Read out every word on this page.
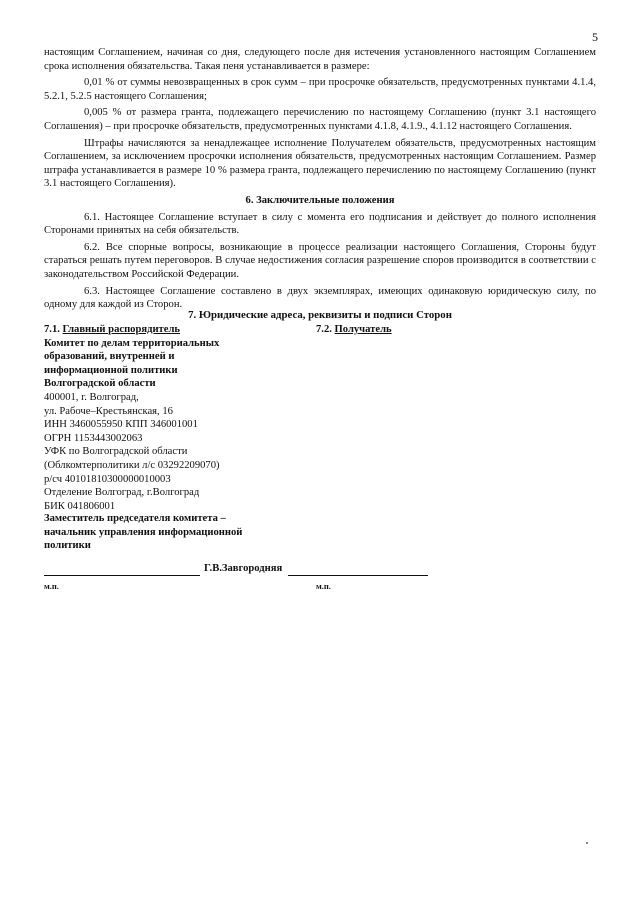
5

настоящим Соглашением, начиная со дня, следующего после дня истечения установленного настоящим Соглашением срока исполнения обязательства. Такая пеня устанавливается в размере:

0,01 % от суммы невозвращенных в срок сумм – при просрочке обязательств, предусмотренных пунктами 4.1.4, 5.2.1, 5.2.5 настоящего Соглашения;

0,005 % от размера гранта, подлежащего перечислению по настоящему Соглашению (пункт 3.1 настоящего Соглашения) – при просрочке обязательств, предусмотренных пунктами 4.1.8, 4.1.9., 4.1.12 настоящего Соглашения.

Штрафы начисляются за ненадлежащее исполнение Получателем обязательств, предусмотренных настоящим Соглашением, за исключением просрочки исполнения обязательств, предусмотренных настоящим Соглашением. Размер штрафа устанавливается в размере 10 % размера гранта, подлежащего перечислению по настоящему Соглашению (пункт 3.1 настоящего Соглашения).

6. Заключительные положения

6.1. Настоящее Соглашение вступает в силу с момента его подписания и действует до полного исполнения Сторонами принятых на себя обязательств.

6.2. Все спорные вопросы, возникающие в процессе реализации настоящего Соглашения, Стороны будут стараться решать путем переговоров. В случае недостижения согласия разрешение споров производится в соответствии с законодательством Российской Федерации.

6.3. Настоящее Соглашение составлено в двух экземплярах, имеющих одинаковую юридическую силу, по одному для каждой из Сторон.

7. Юридические адреса, реквизиты и подписи Сторон
7.1. Главный распорядитель
Комитет по делам территориальных
образований, внутренней и
информационной политики
Волгоградской области
400001, г. Волгоград,
ул. Рабоче–Крестьянская, 16
ИНН 3460055950 КПП 346001001
ОГРН 1153443002063
УФК по Волгоградской области
(Облкомтерполитики л/с 03292209070)
р/сч 40101810300000010003
Отделение Волгоград, г.Волгоград
БИК 041806001
7.2. Получатель
Заместитель председателя комитета –
начальник управления информационной
политики
Г.В.Завгородняя
м.п.	м.п.
